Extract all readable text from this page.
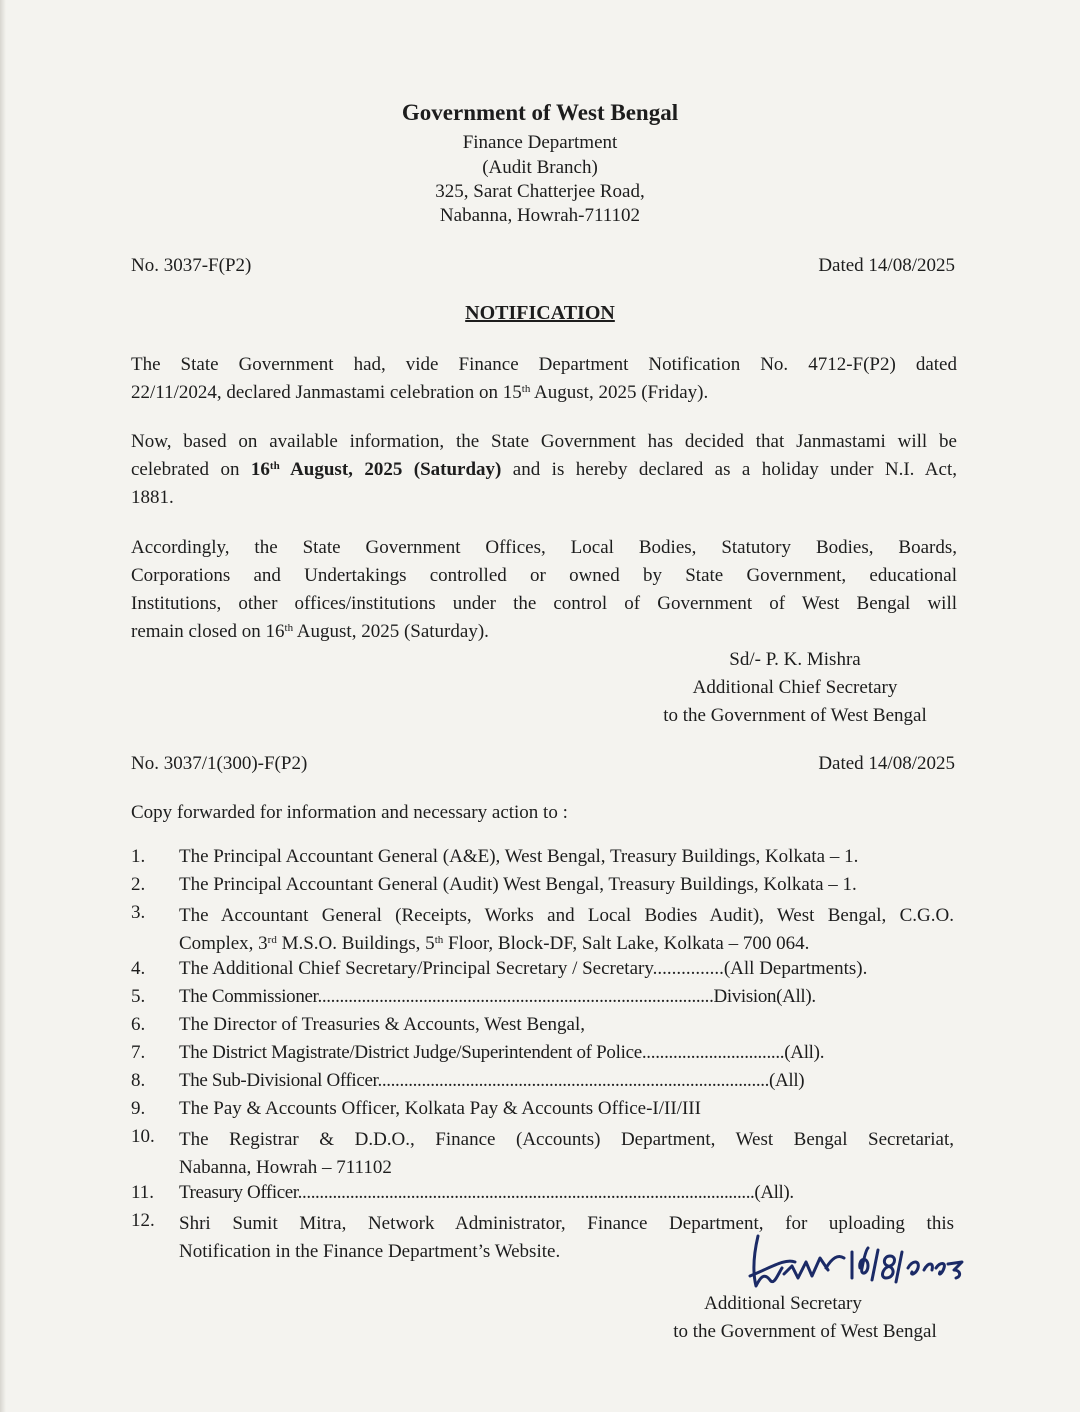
Government of West Bengal
Finance Department
(Audit Branch)
325, Sarat Chatterjee Road,
Nabanna, Howrah-711102
No. 3037-F(P2)	Dated 14/08/2025
NOTIFICATION
The State Government had, vide Finance Department Notification No. 4712-F(P2) dated
22/11/2024, declared Janmastami celebration on 15th August, 2025 (Friday).
Now, based on available information, the State Government has decided that Janmastami will be
celebrated on 16th August, 2025 (Saturday) and is hereby declared as a holiday under N.I. Act,
1881.
Accordingly, the State Government Offices, Local Bodies, Statutory Bodies, Boards,
Corporations and Undertakings controlled or owned by State Government, educational
Institutions, other offices/institutions under the control of Government of West Bengal will
remain closed on 16th August, 2025 (Saturday).
Sd/- P. K. Mishra
Additional Chief Secretary
to the Government of West Bengal
No. 3037/1(300)-F(P2)	Dated 14/08/2025
Copy forwarded for information and necessary action to :
1.	The Principal Accountant General (A&E), West Bengal, Treasury Buildings, Kolkata – 1.
2.	The Principal Accountant General (Audit) West Bengal, Treasury Buildings, Kolkata – 1.
3.	The Accountant General (Receipts, Works and Local Bodies Audit), West Bengal, C.G.O.
Complex, 3rd M.S.O. Buildings, 5th Floor, Block-DF, Salt Lake, Kolkata – 700 064.
4.	The Additional Chief Secretary/Principal Secretary / Secretary...............(All Departments).
5.	The Commissioner..........................................................................................Division(All).
6.	The Director of Treasuries & Accounts, West Bengal,
7.	The District Magistrate/District Judge/Superintendent of Police................................(All).
8.	The Sub-Divisional Officer.........................................................................................(All)
9.	The Pay & Accounts Officer, Kolkata Pay & Accounts Office-I/II/III
10.	The Registrar & D.D.O., Finance (Accounts) Department, West Bengal Secretariat,
Nabanna, Howrah – 711102
11.	Treasury Officer.........................................................................................................(All).
12.	Shri Sumit Mitra, Network Administrator, Finance Department, for uploading this
Notification in the Finance Department’s Website.
Additional Secretary
to the Government of West Bengal
